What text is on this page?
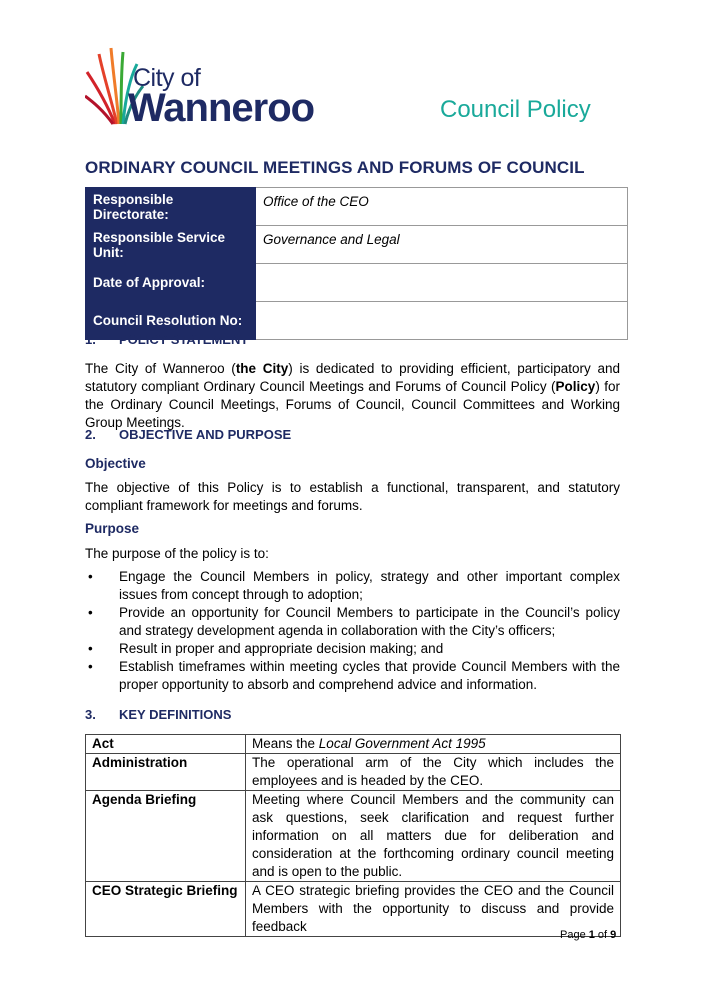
City of
Wanneroo	Council Policy
ORDINARY COUNCIL MEETINGS AND FORUMS OF COUNCIL
Responsible Directorate:	Office of the CEO
Responsible Service Unit:	Governance and Legal
Date of Approval:	
Council Resolution No:	
1. POLICY STATEMENT
The City of Wanneroo (the City) is dedicated to providing efficient, participatory and statutory compliant Ordinary Council Meetings and Forums of Council Policy (Policy) for the Ordinary Council Meetings, Forums of Council, Council Committees and Working Group Meetings.
2. OBJECTIVE AND PURPOSE
Objective
The objective of this Policy is to establish a functional, transparent, and statutory compliant framework for meetings and forums.
Purpose
The purpose of the policy is to:
• Engage the Council Members in policy, strategy and other important complex issues from concept through to adoption;
• Provide an opportunity for Council Members to participate in the Council’s policy and strategy development agenda in collaboration with the City’s officers;
• Result in proper and appropriate decision making; and
• Establish timeframes within meeting cycles that provide Council Members with the proper opportunity to absorb and comprehend advice and information.
3. KEY DEFINITIONS
Act	Means the Local Government Act 1995
Administration	The operational arm of the City which includes the employees and is headed by the CEO.
Agenda Briefing	Meeting where Council Members and the community can ask questions, seek clarification and request further information on all matters due for deliberation and consideration at the forthcoming ordinary council meeting and is open to the public.
CEO Strategic Briefing	A CEO strategic briefing provides the CEO and the Council Members with the opportunity to discuss and provide feedback
Page 1 of 9
